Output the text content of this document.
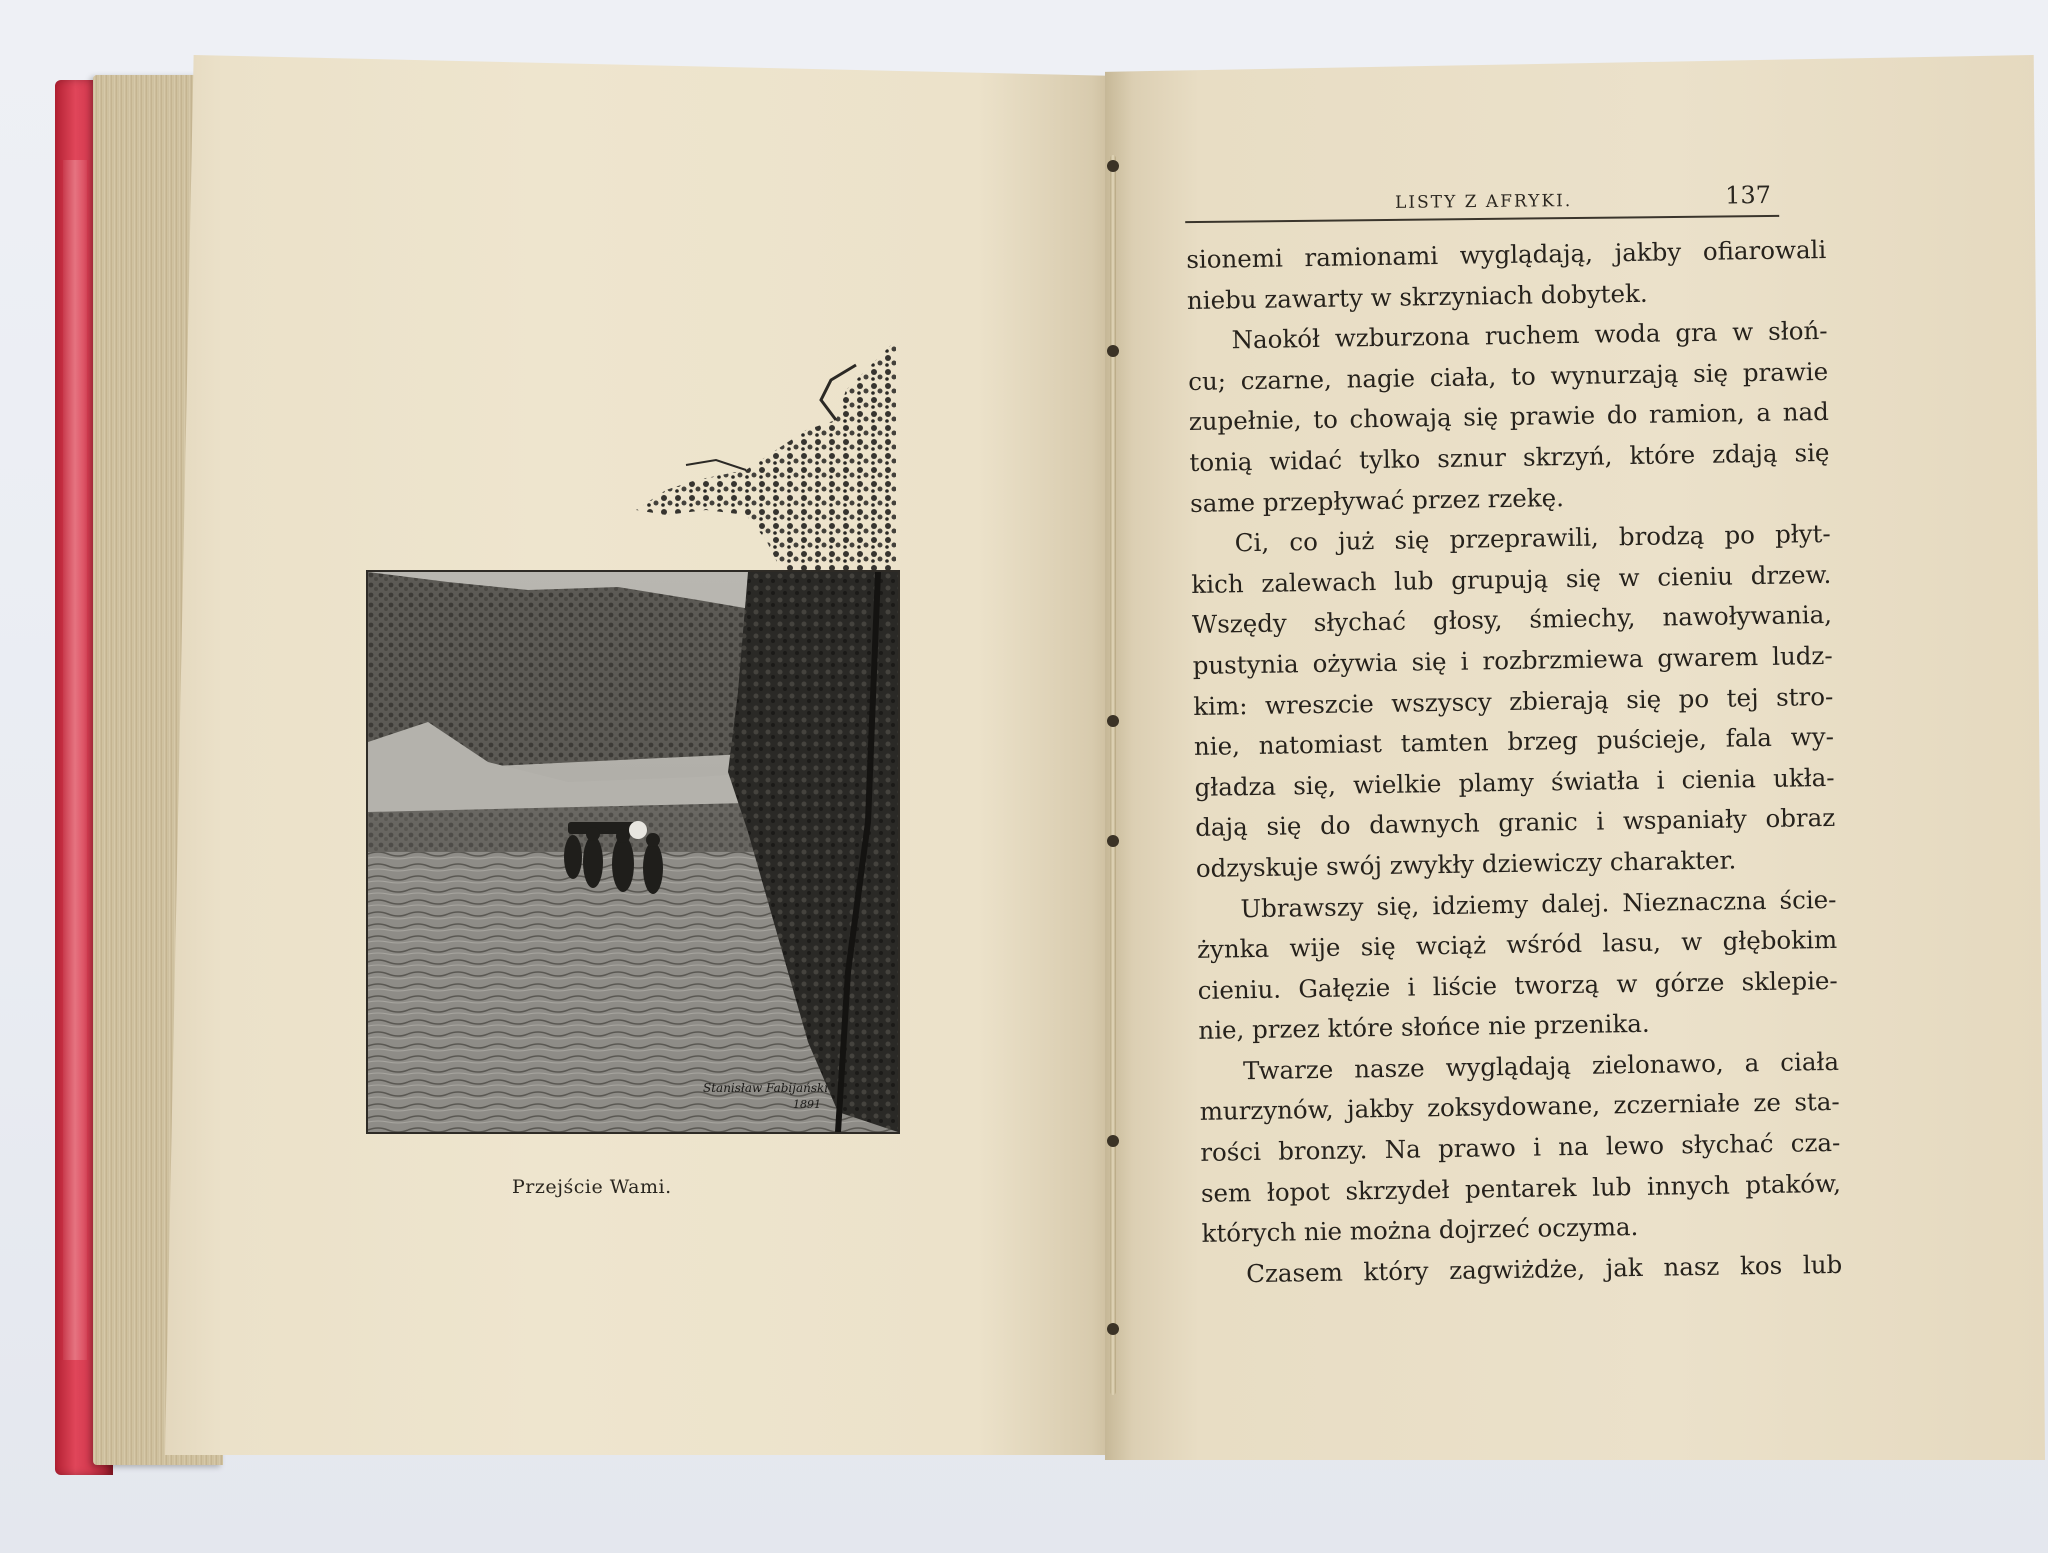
Stanisław Fabijański
1891
Przejście Wami.
LISTY Z AFRYKI.	137
sionemi ramionami wyglądają, jakby ofiarowali
niebu zawarty w skrzyniach dobytek.
Naokół wzburzona ruchem woda gra w słoń-
cu; czarne, nagie ciała, to wynurzają się prawie
zupełnie, to chowają się prawie do ramion, a nad
tonią widać tylko sznur skrzyń, które zdają się
same przepływać przez rzekę.
Ci, co już się przeprawili, brodzą po płyt-
kich zalewach lub grupują się w cieniu drzew.
Wszędy słychać głosy, śmiechy, nawoływania,
pustynia ożywia się i rozbrzmiewa gwarem ludz-
kim: wreszcie wszyscy zbierają się po tej stro-
nie, natomiast tamten brzeg puścieje, fala wy-
gładza się, wielkie plamy światła i cienia ukła-
dają się do dawnych granic i wspaniały obraz
odzyskuje swój zwykły dziewiczy charakter.
Ubrawszy się, idziemy dalej. Nieznaczna ście-
żynka wije się wciąż wśród lasu, w głębokim
cieniu. Gałęzie i liście tworzą w górze sklepie-
nie, przez które słońce nie przenika.
Twarze nasze wyglądają zielonawo, a ciała
murzynów, jakby zoksydowane, zczerniałe ze sta-
rości bronzy. Na prawo i na lewo słychać cza-
sem łopot skrzydeł pentarek lub innych ptaków,
których nie można dojrzeć oczyma.
Czasem który zagwiżdże, jak nasz kos lub
